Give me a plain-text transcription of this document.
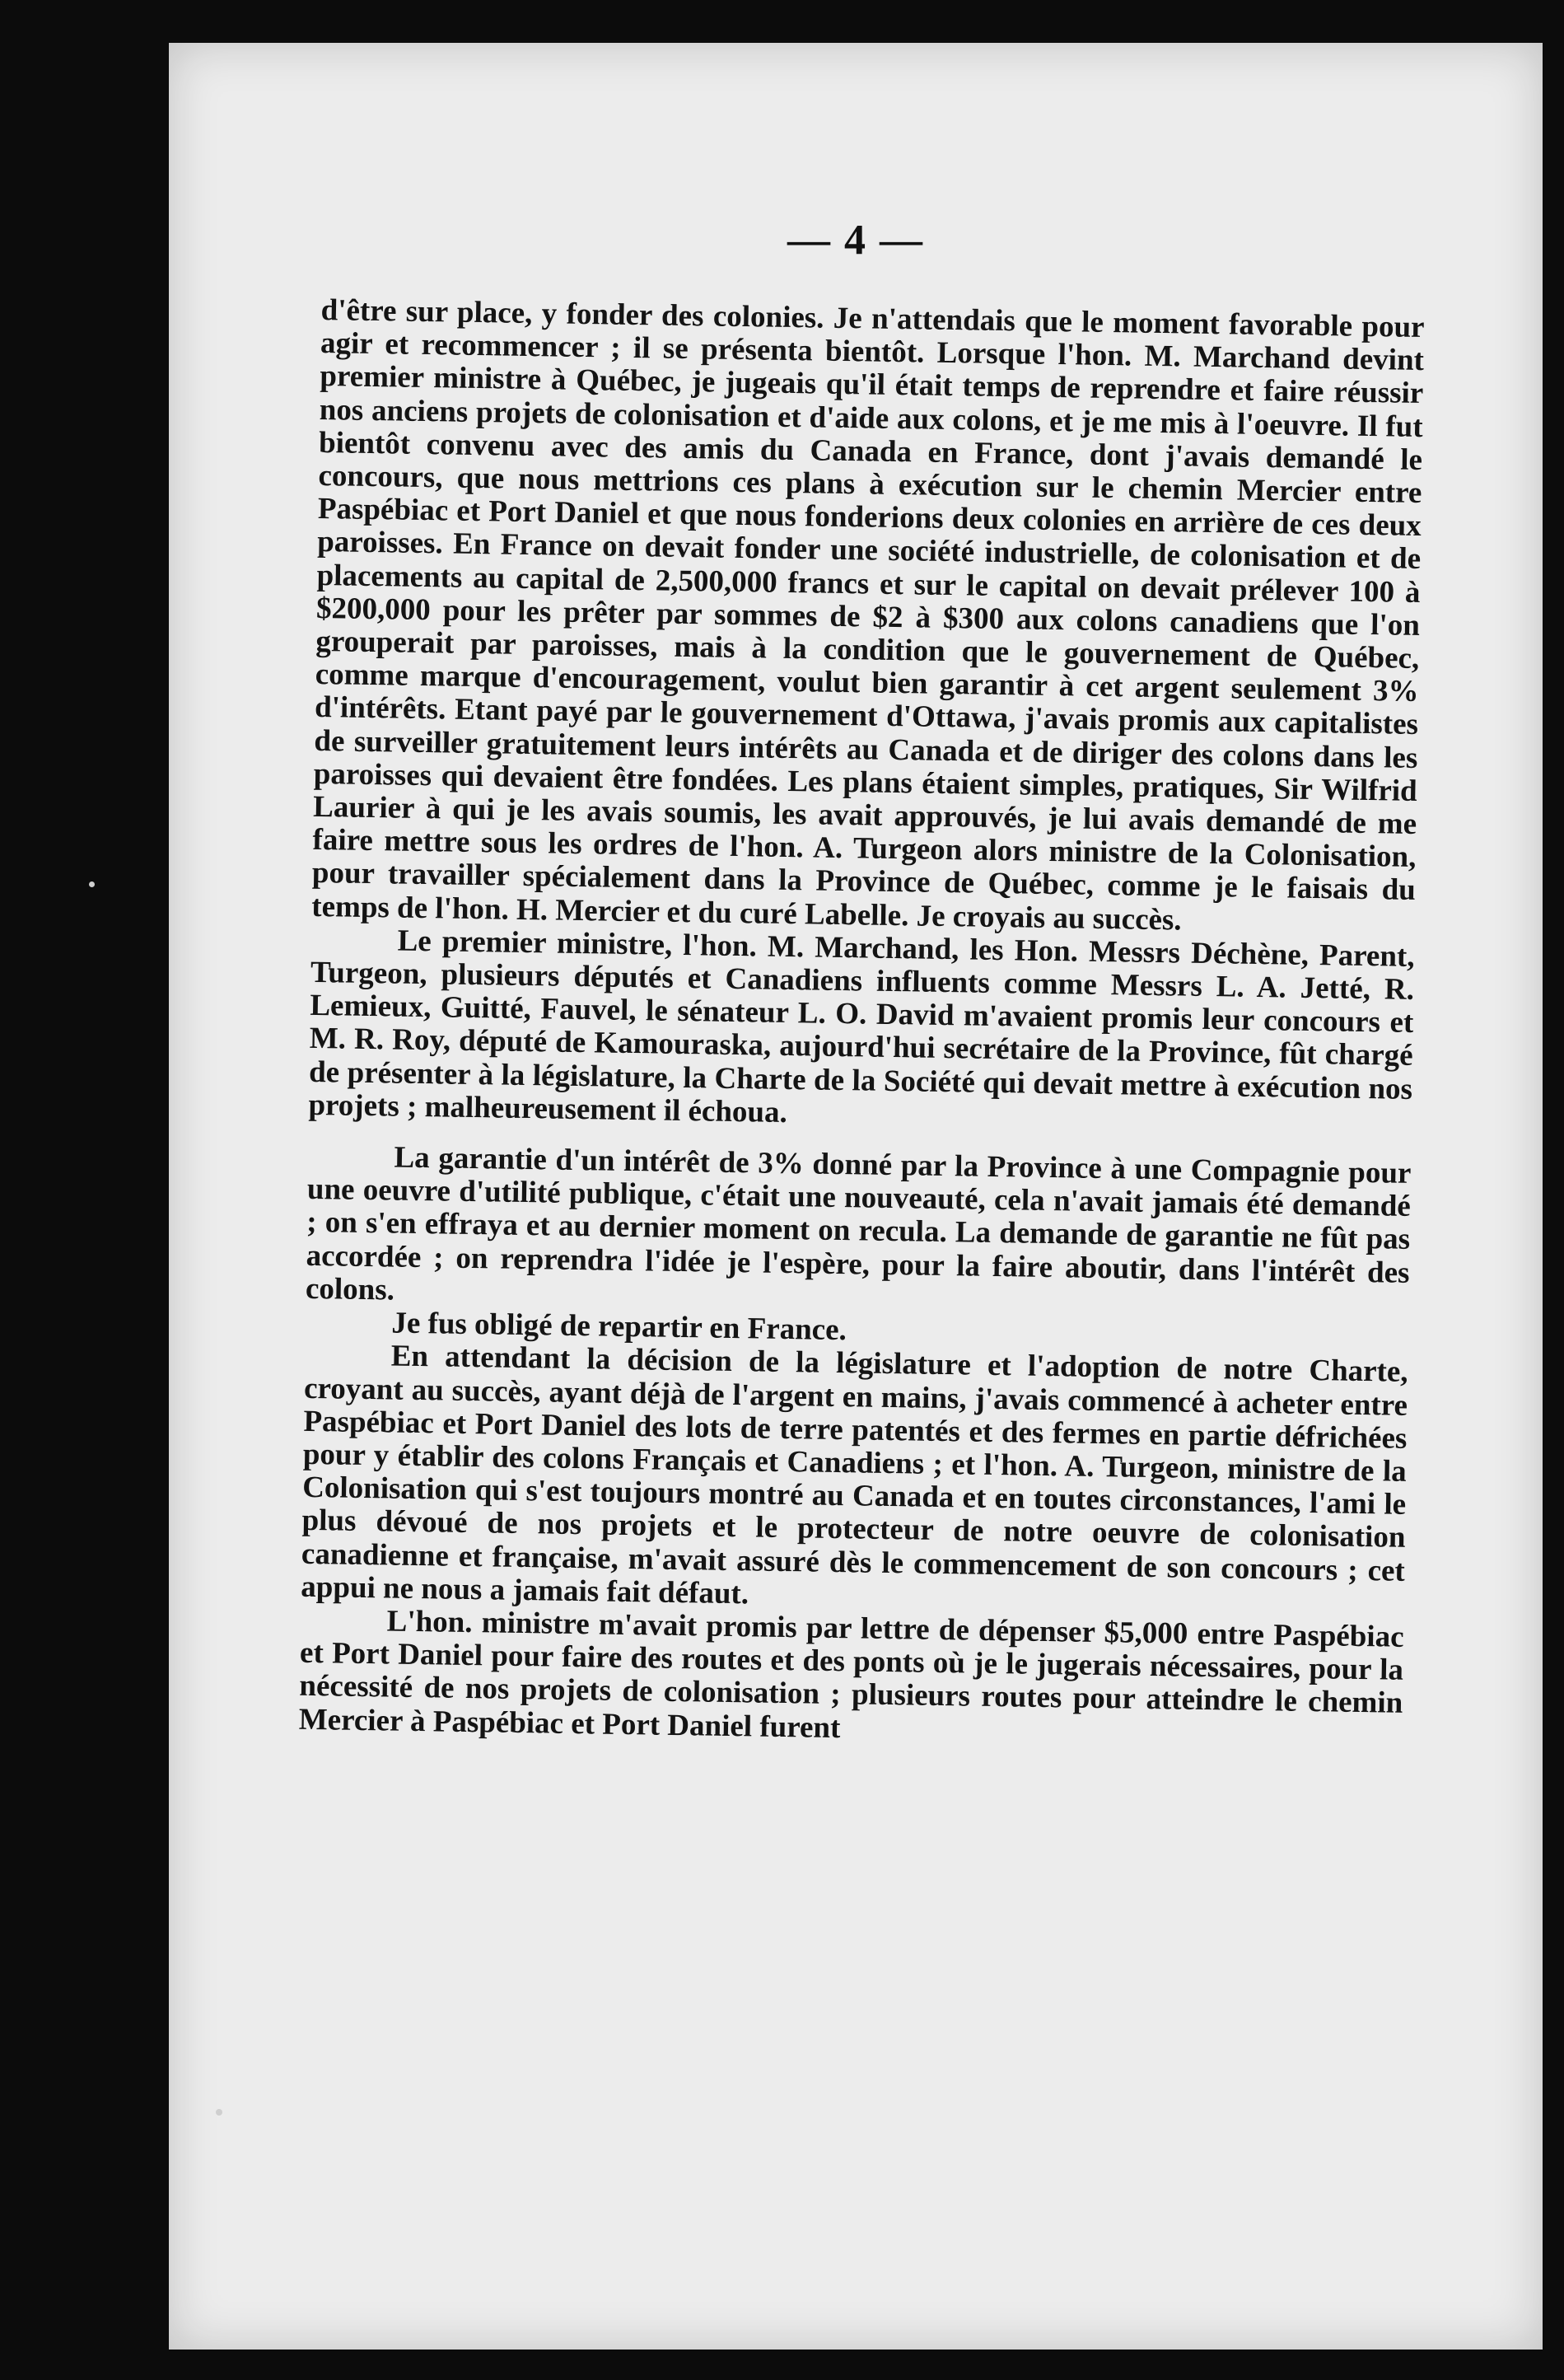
— 4 —

d'être sur place, y fonder des colonies. Je n'attendais que le moment favorable pour agir et recommencer ; il se présenta bientôt. Lorsque l'hon. M. Marchand devint premier ministre à Québec, je jugeais qu'il était temps de reprendre et faire réussir nos anciens projets de colonisation et d'aide aux colons, et je me mis à l'oeuvre. Il fut bientôt convenu avec des amis du Canada en France, dont j'avais demandé le concours, que nous mettrions ces plans à exécution sur le chemin Mercier entre Paspébiac et Port Daniel et que nous fonderions deux colonies en arrière de ces deux paroisses. En France on devait fonder une société industrielle, de colonisation et de placements au capital de 2,500,000 francs et sur le capital on devait prélever 100 à $200,000 pour les prêter par sommes de $2 à $300 aux colons canadiens que l'on grouperait par paroisses, mais à la condition que le gouvernement de Québec, comme marque d'encouragement, voulut bien garantir à cet argent seulement 3% d'intérêts. Etant payé par le gouvernement d'Ottawa, j'avais promis aux capitalistes de surveiller gratuitement leurs intérêts au Canada et de diriger des colons dans les paroisses qui devaient être fondées. Les plans étaient simples, pratiques, Sir Wilfrid Laurier à qui je les avais soumis, les avait approuvés, je lui avais demandé de me faire mettre sous les ordres de l'hon. A. Turgeon alors ministre de la Colonisation, pour travailler spécialement dans la Province de Québec, comme je le faisais du temps de l'hon. H. Mercier et du curé Labelle. Je croyais au succès.

Le premier ministre, l'hon. M. Marchand, les Hon. Messrs Déchène, Parent, Turgeon, plusieurs députés et Canadiens influents comme Messrs L. A. Jetté, R. Lemieux, Guitté, Fauvel, le sénateur L. O. David m'avaient promis leur concours et M. R. Roy, député de Kamouraska, aujourd'hui secrétaire de la Province, fût chargé de présenter à la législature, la Charte de la Société qui devait mettre à exécution nos projets ; malheureusement il échoua.

La garantie d'un intérêt de 3% donné par la Province à une Compagnie pour une oeuvre d'utilité publique, c'était une nouveauté, cela n'avait jamais été demandé ; on s'en effraya et au dernier moment on recula. La demande de garantie ne fût pas accordée ; on reprendra l'idée je l'espère, pour la faire aboutir, dans l'intérêt des colons.

Je fus obligé de repartir en France.

En attendant la décision de la législature et l'adoption de notre Charte, croyant au succès, ayant déjà de l'argent en mains, j'avais commencé à acheter entre Paspébiac et Port Daniel des lots de terre patentés et des fermes en partie défrichées pour y établir des colons Français et Canadiens ; et l'hon. A. Turgeon, ministre de la Colonisation qui s'est toujours montré au Canada et en toutes circonstances, l'ami le plus dévoué de nos projets et le protecteur de notre oeuvre de colonisation canadienne et française, m'avait assuré dès le commencement de son concours ; cet appui ne nous a jamais fait défaut.

L'hon. ministre m'avait promis par lettre de dépenser $5,000 entre Paspébiac et Port Daniel pour faire des routes et des ponts où je le jugerais nécessaires, pour la nécessité de nos projets de colonisation ; plusieurs routes pour atteindre le chemin Mercier à Paspébiac et Port Daniel furent
